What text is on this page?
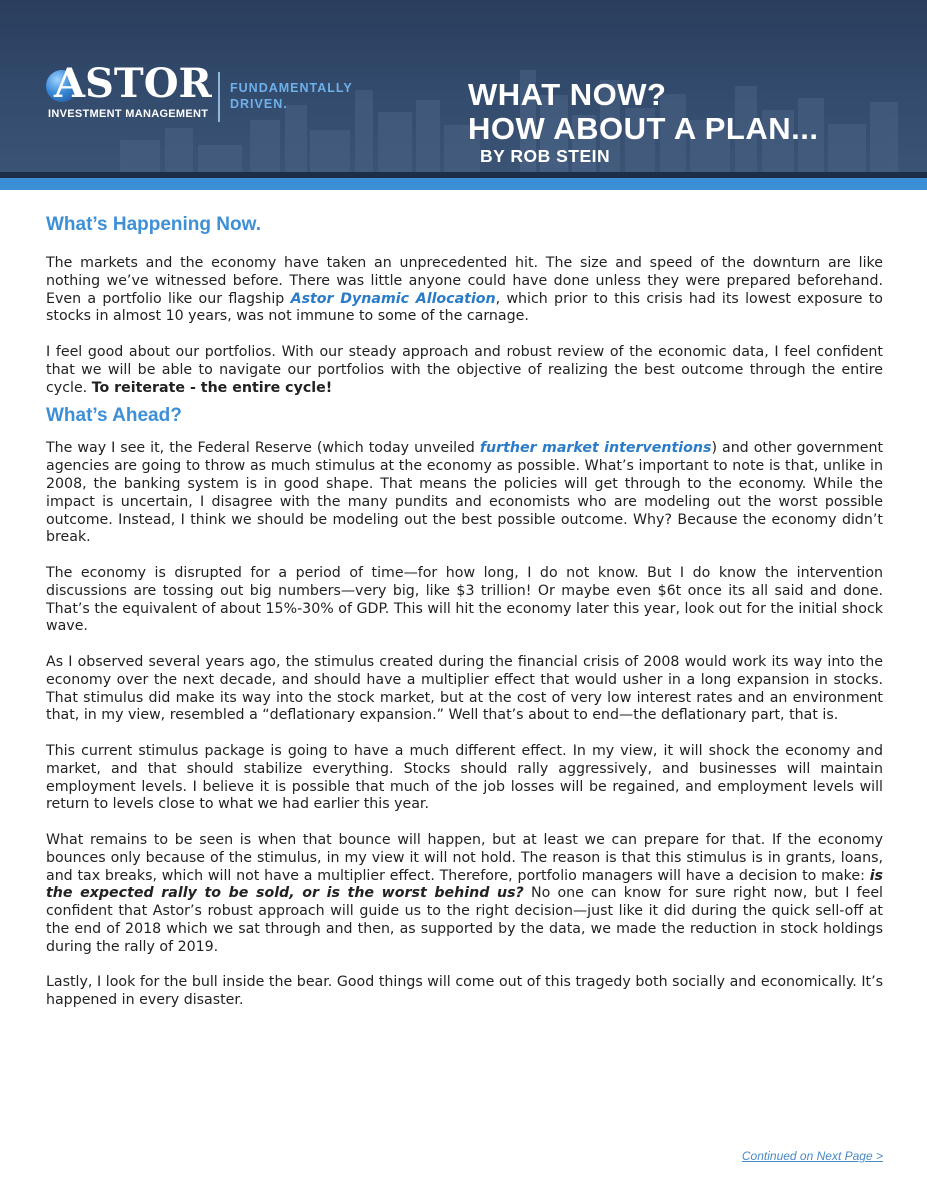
ASTOR
INVESTMENT MANAGEMENT
FUNDAMENTALLY
DRIVEN.	WHAT NOW?
HOW ABOUT A PLAN...
BY ROB STEIN
What’s Happening Now.

The markets and the economy have taken an unprecedented hit. The size and speed of the downturn are like nothing we’ve witnessed before. There was little anyone could have done unless they were prepared beforehand. Even a portfolio like our flagship Astor Dynamic Allocation, which prior to this crisis had its lowest exposure to stocks in almost 10 years, was not immune to some of the carnage.

I feel good about our portfolios. With our steady approach and robust review of the economic data, I feel confident that we will be able to navigate our portfolios with the objective of realizing the best outcome through the entire cycle. To reiterate - the entire cycle!

What’s Ahead?

The way I see it, the Federal Reserve (which today unveiled further market interventions) and other government agencies are going to throw as much stimulus at the economy as possible. What’s important to note is that, unlike in 2008, the banking system is in good shape. That means the policies will get through to the economy. While the impact is uncertain, I disagree with the many pundits and economists who are modeling out the worst possible outcome. Instead, I think we should be modeling out the best possible outcome. Why? Because the economy didn’t break.

The economy is disrupted for a period of time—for how long, I do not know. But I do know the intervention discussions are tossing out big numbers—very big, like $3 trillion! Or maybe even $6t once its all said and done. That’s the equivalent of about 15%-30% of GDP. This will hit the economy later this year, look out for the initial shock wave.

As I observed several years ago, the stimulus created during the financial crisis of 2008 would work its way into the economy over the next decade, and should have a multiplier effect that would usher in a long expansion in stocks. That stimulus did make its way into the stock market, but at the cost of very low interest rates and an environment that, in my view, resembled a “deflationary expansion.” Well that’s about to end—the deflationary part, that is.

This current stimulus package is going to have a much different effect. In my view, it will shock the economy and market, and that should stabilize everything. Stocks should rally aggressively, and businesses will maintain employment levels. I believe it is possible that much of the job losses will be regained, and employment levels will return to levels close to what we had earlier this year.

What remains to be seen is when that bounce will happen, but at least we can prepare for that. If the economy bounces only because of the stimulus, in my view it will not hold. The reason is that this stimulus is in grants, loans, and tax breaks, which will not have a multiplier effect. Therefore, portfolio managers will have a decision to make: is the expected rally to be sold, or is the worst behind us? No one can know for sure right now, but I feel confident that Astor’s robust approach will guide us to the right decision—just like it did during the quick sell-off at the end of 2018 which we sat through and then, as supported by the data, we made the reduction in stock holdings during the rally of 2019.

Lastly, I look for the bull inside the bear. Good things will come out of this tragedy both socially and economically. It’s happened in every disaster.

Continued on Next Page >
